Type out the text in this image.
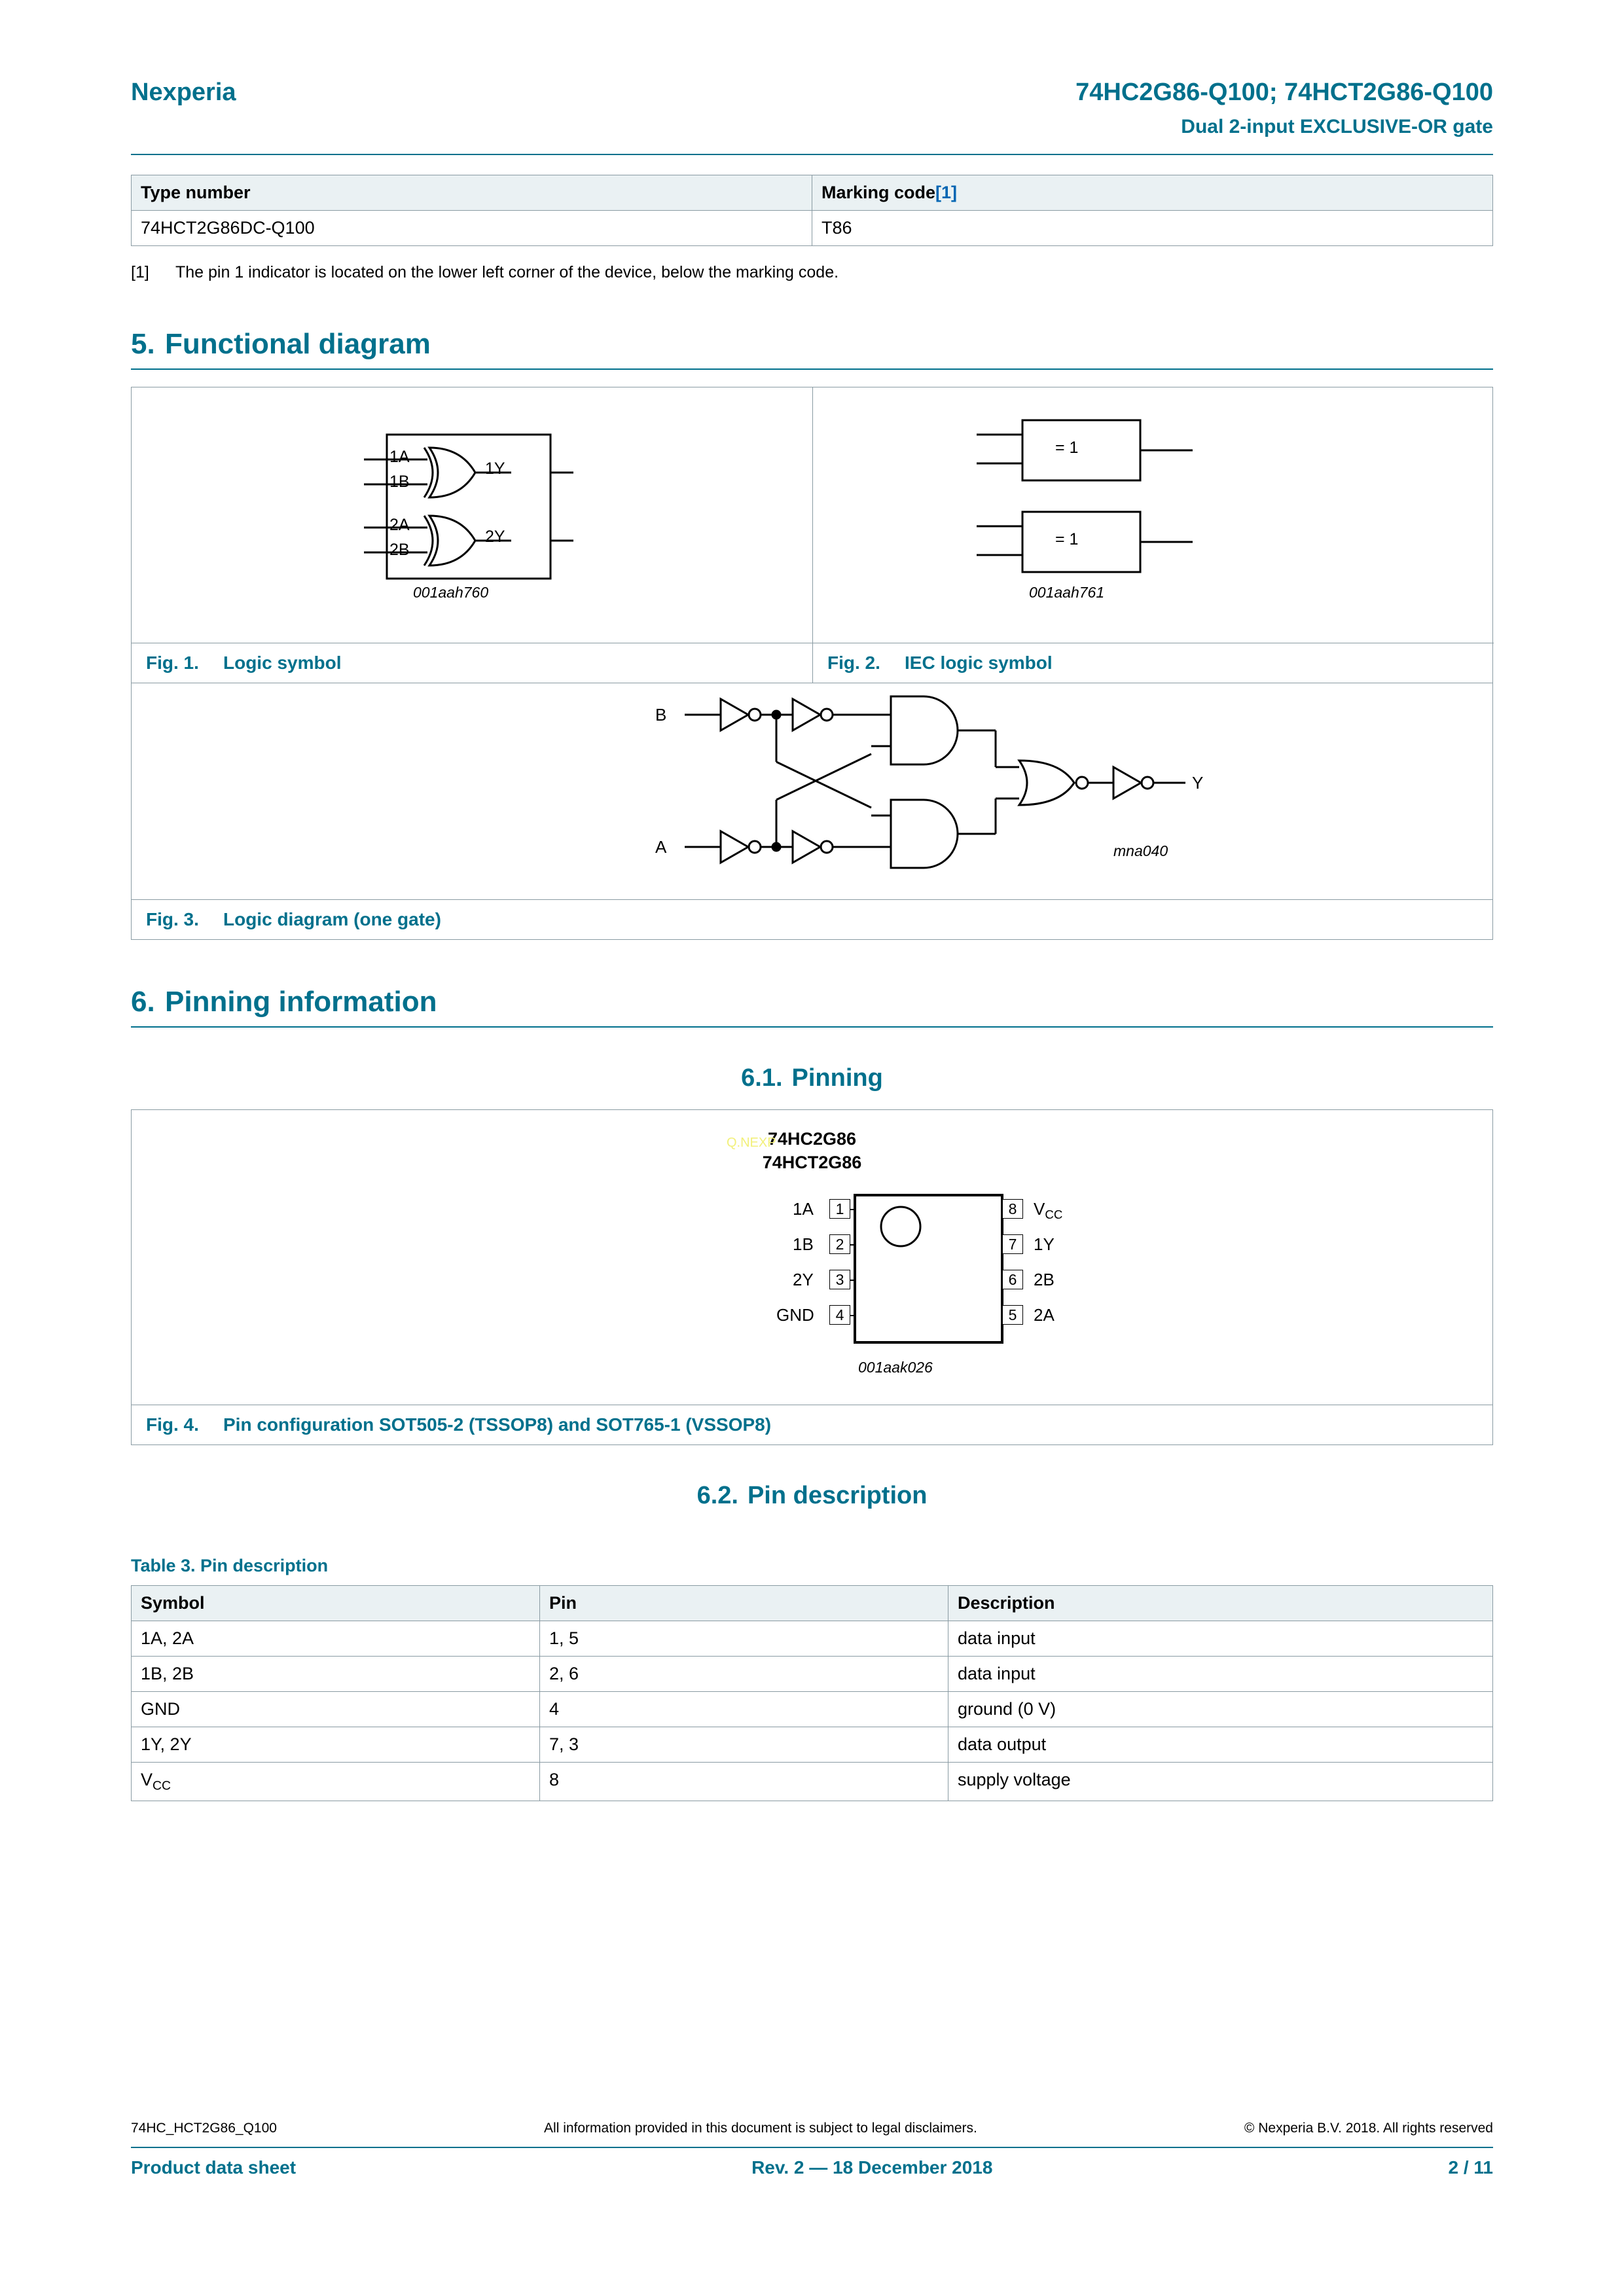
Nexperia	74HC2G86-Q100; 74HCT2G86-Q100
Dual 2-input EXCLUSIVE-OR gate
Type number	Marking code[1]
74HCT2G86DC-Q100	T86
[1]	The pin 1 indicator is located on the lower left corner of the device, below the marking code.
5. Functional diagram
1A
1B
2A
2B
1Y
2Y
001aah760
Fig. 1. Logic symbol
= 1
= 1
001aah761
Fig. 2. IEC logic symbol
B
A
Y
mna040
Fig. 3. Logic diagram (one gate)
6. Pinning information
6.1. Pinning
74HC2G86
74HCT2G86
1A
1B
2Y
GND
1
2
3
4
8
7
6
5
$V_{CC}$
1Y
2B
2A
001aak026
Fig. 4. Pin configuration SOT505-2 (TSSOP8) and SOT765-1 (VSSOP8)
6.2. Pin description
Table 3. Pin description
Symbol	Pin	Description
1A, 2A	1, 5	data input
1B, 2B	2, 6	data input
GND	4	ground (0 V)
1Y, 2Y	7, 3	data output
$V_{CC}$	8	supply voltage
Q.NEXP
74HC_HCT2G86_Q100	All information provided in this document is subject to legal disclaimers.	© Nexperia B.V. 2018. All rights reserved
Product data sheet	Rev. 2 — 18 December 2018	2 / 11
